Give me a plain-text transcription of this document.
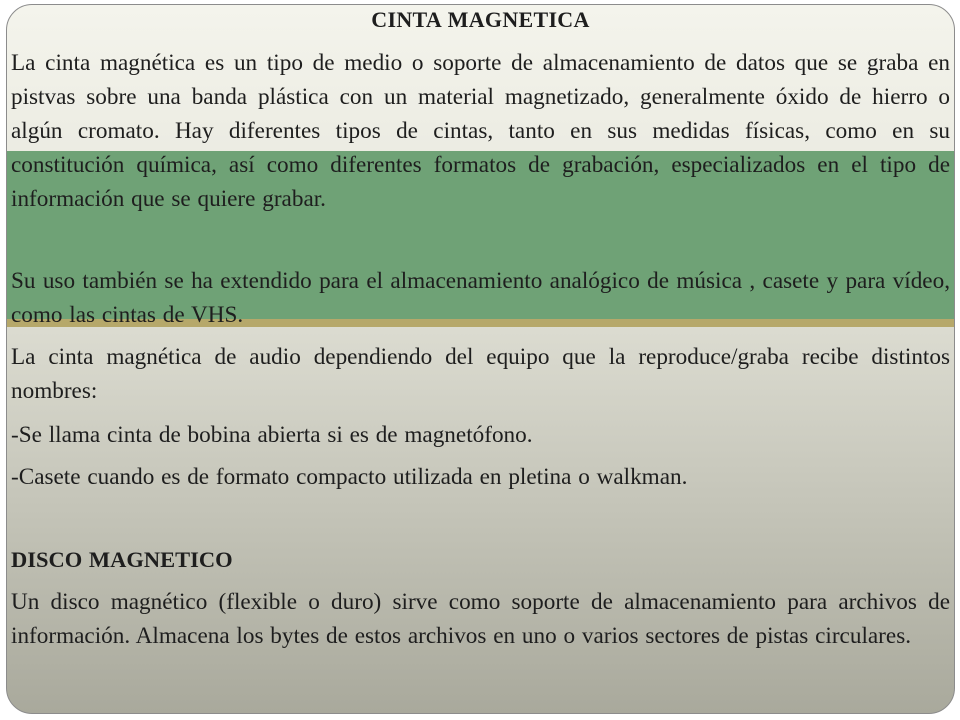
CINTA MAGNETICA

La cinta magnética es un tipo de medio o soporte de almacenamiento de datos que se graba en pistvas sobre una banda plástica con un material magnetizado, generalmente óxido de hierro o algún cromato. Hay diferentes tipos de cintas, tanto en sus medidas físicas, como en su constitución química, así como diferentes formatos de grabación, especializados en el tipo de información que se quiere grabar.

Su uso también se ha extendido para el almacenamiento analógico de música , casete y para vídeo, como las cintas de VHS.

La cinta magnética de audio dependiendo del equipo que la reproduce/graba recibe distintos nombres:

-Se llama cinta de bobina abierta si es de magnetófono.

-Casete cuando es de formato compacto utilizada en pletina o walkman.

DISCO MAGNETICO

Un disco magnético (flexible o duro) sirve como soporte de almacenamiento para archivos de información. Almacena los bytes de estos archivos en uno o varios sectores de pistas circulares.
